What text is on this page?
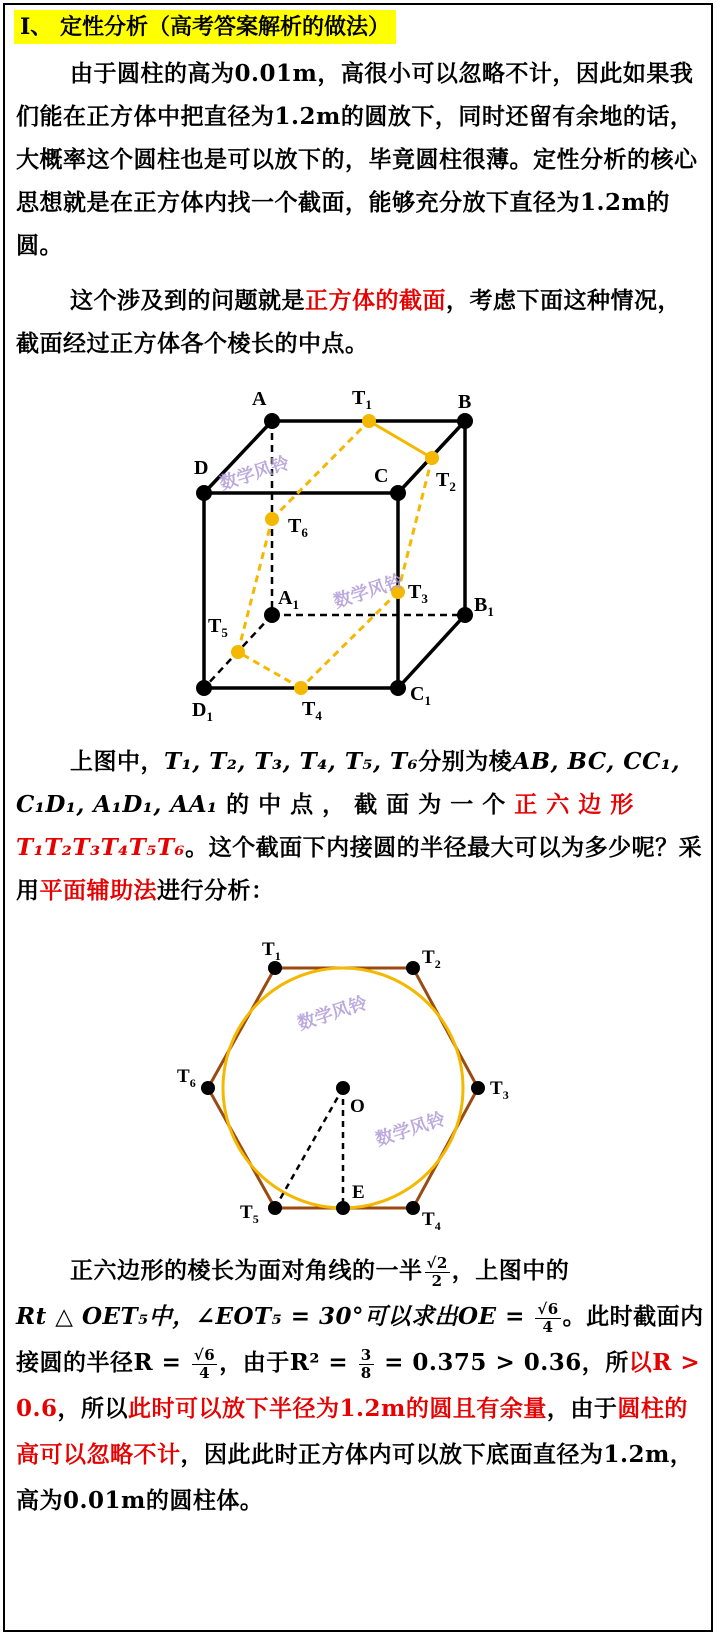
I、 定性分析（高考答案解析的做法）
由于圆柱的高为0.01m，高很小可以忽略不计，因此如果我们能在正方体中把直径为1.2m的圆放下，同时还留有余地的话，大概率这个圆柱也是可以放下的，毕竟圆柱很薄。定性分析的核心思想就是在正方体内找一个截面，能够充分放下直径为1.2m的圆。
这个涉及到的问题就是正方体的截面，考虑下面这种情况，截面经过正方体各个棱长的中点。
A	B
C
D
$A_1$	$B_1$
$C_1$
$D_1$
$T_1$
$T_2$
$T_3$
$T_4$
$T_5$
$T_6$
数学风铃
数学风铃
上图中，T₁, T₂, T₃, T₄, T₅, T₆分别为棱AB, BC, CC₁,
C₁D₁, A₁D₁, AA₁ 的 中 点 ， 截 面 为 一 个 正 六 边 形
T₁T₂T₃T₄T₅T₆。这个截面下内接圆的半径最大可以为多少呢？采用平面辅助法进行分析：
$T_1$	$T_2$
$T_3$
$T_4$
$T_5$
$T_6$
O
E
数学风铃
数学风铃
正六边形的棱长为面对角线的一半 $\frac{√2}{2}$ ，上图中的
Rt △ OET₅中，∠EOT₅ = 30°可以求出OE = $\frac{√6}{4}$ 。此时截面内接圆的半径$R = \frac{√6}{4}$ ，由于$R^2 = \frac{3}{8} = 0.375 > 0.36$，所以R > 0.6，所以此时可以放下半径为1.2m的圆且有余量，由于圆柱的高可以忽略不计，因此此时正方体内可以放下底面直径为1.2m，高为0.01m的圆柱体。
